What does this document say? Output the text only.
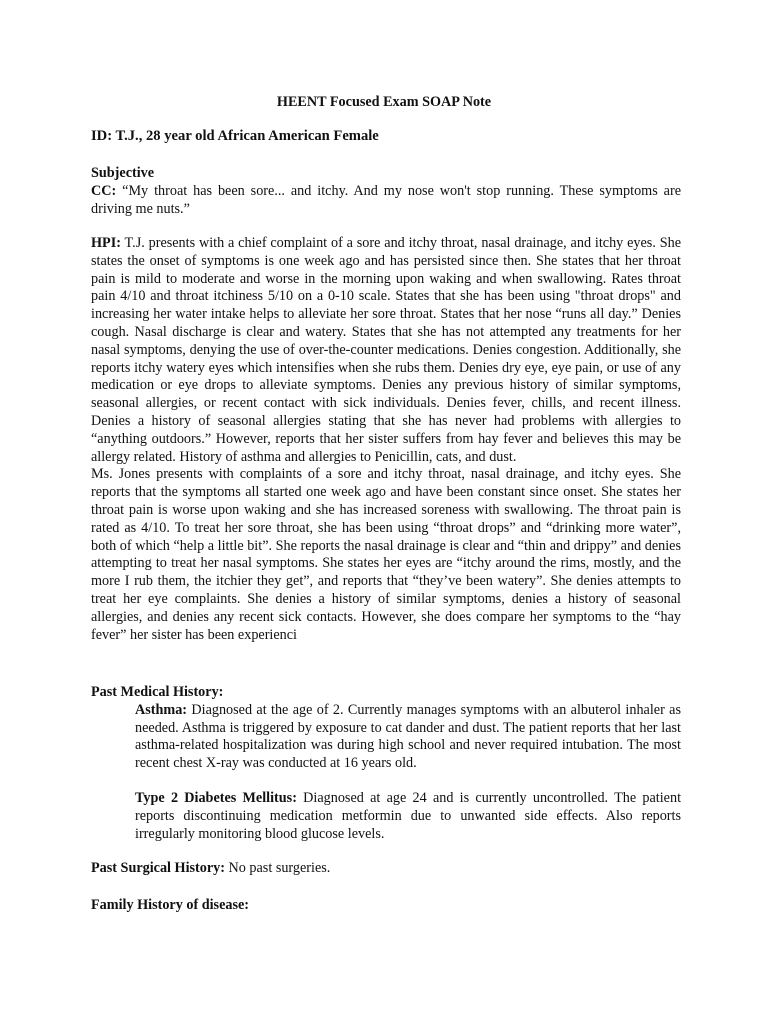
HEENT Focused Exam SOAP Note
ID: T.J., 28 year old African American Female

Subjective

CC: “My throat has been sore... and itchy. And my nose won't stop running. These symptoms are driving me nuts.”

HPI: T.J. presents with a chief complaint of a sore and itchy throat, nasal drainage, and itchy eyes. She states the onset of symptoms is one week ago and has persisted since then. She states that her throat pain is mild to moderate and worse in the morning upon waking and when swallowing. Rates throat pain 4/10 and throat itchiness 5/10 on a 0-10 scale. States that she has been using "throat drops" and increasing her water intake helps to alleviate her sore throat. States that her nose “runs all day.” Denies cough. Nasal discharge is clear and watery. States that she has not attempted any treatments for her nasal symptoms, denying the use of over-the-counter medications. Denies congestion. Additionally, she reports itchy watery eyes which intensifies when she rubs them. Denies dry eye, eye pain, or use of any medication or eye drops to alleviate symptoms. Denies any previous history of similar symptoms, seasonal allergies, or recent contact with sick individuals. Denies fever, chills, and recent illness. Denies a history of seasonal allergies stating that she has never had problems with allergies to “anything outdoors.” However, reports that her sister suffers from hay fever and believes this may be allergy related. History of asthma and allergies to Penicillin, cats, and dust.

Ms. Jones presents with complaints of a sore and itchy throat, nasal drainage, and itchy eyes. She reports that the symptoms all started one week ago and have been constant since onset. She states her throat pain is worse upon waking and she has increased soreness with swallowing. The throat pain is rated as 4/10. To treat her sore throat, she has been using “throat drops” and “drinking more water”, both of which “help a little bit”. She reports the nasal drainage is clear and “thin and drippy” and denies attempting to treat her nasal symptoms. She states her eyes are “itchy around the rims, mostly, and the more I rub them, the itchier they get”, and reports that “they’ve been watery”. She denies attempts to treat her eye complaints. She denies a history of similar symptoms, denies a history of seasonal allergies, and denies any recent sick contacts. However, she does compare her symptoms to the “hay fever” her sister has been experienci

Past Medical History:

Asthma: Diagnosed at the age of 2. Currently manages symptoms with an albuterol inhaler as needed. Asthma is triggered by exposure to cat dander and dust. The patient reports that her last asthma-related hospitalization was during high school and never required intubation. The most recent chest X-ray was conducted at 16 years old.

Type 2 Diabetes Mellitus: Diagnosed at age 24 and is currently uncontrolled. The patient reports discontinuing medication metformin due to unwanted side effects. Also reports irregularly monitoring blood glucose levels.

Past Surgical History: No past surgeries.

Family History of disease:
